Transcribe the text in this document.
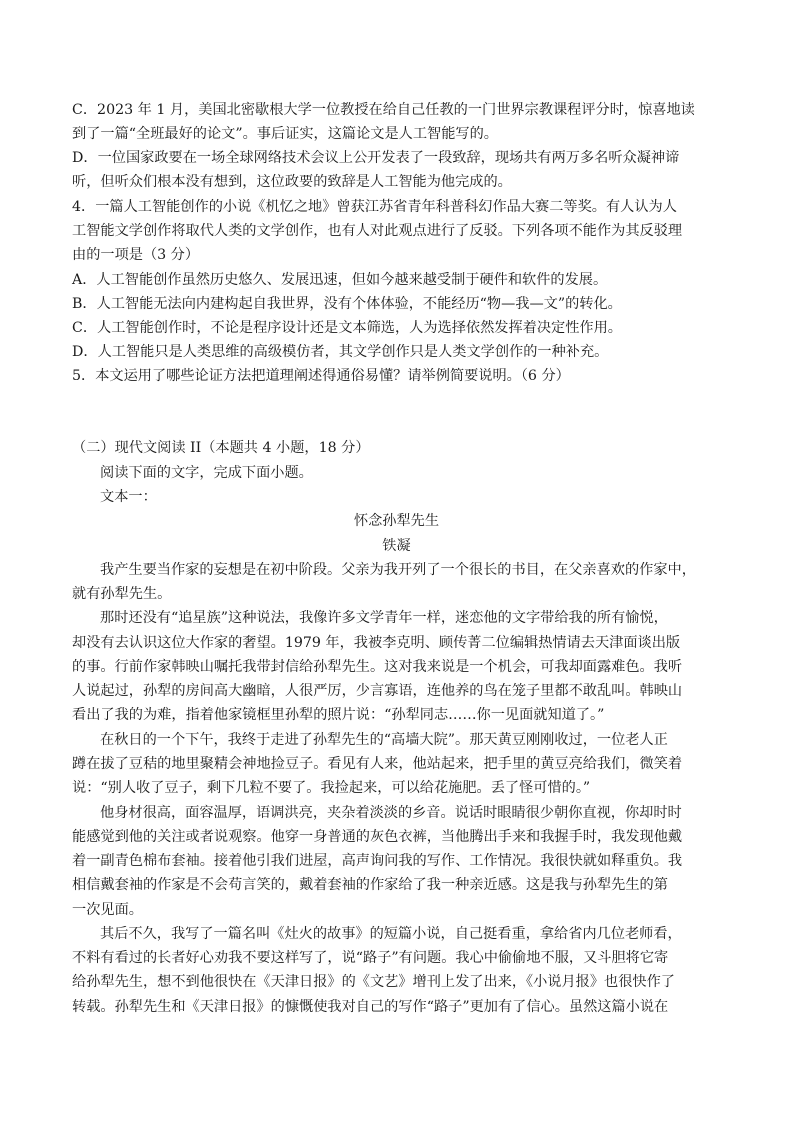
C．2023 年 1 月，美国北密歇根大学一位教授在给自己任教的一门世界宗教课程评分时，惊喜地读
到了一篇“全班最好的论文”。事后证实，这篇论文是人工智能写的。
D．一位国家政要在一场全球网络技术会议上公开发表了一段致辞，现场共有两万多名听众凝神谛
听，但听众们根本没有想到，这位政要的致辞是人工智能为他完成的。
4．一篇人工智能创作的小说《机忆之地》曾获江苏省青年科普科幻作品大赛二等奖。有人认为人
工智能文学创作将取代人类的文学创作，也有人对此观点进行了反驳。下列各项不能作为其反驳理
由的一项是（3 分）
A．人工智能创作虽然历史悠久、发展迅速，但如今越来越受制于硬件和软件的发展。
B．人工智能无法向内建构起自我世界，没有个体体验，不能经历“物—我—文”的转化。
C．人工智能创作时，不论是程序设计还是文本筛选，人为选择依然发挥着决定性作用。
D．人工智能只是人类思维的高级模仿者，其文学创作只是人类文学创作的一种补充。
5．本文运用了哪些论证方法把道理阐述得通俗易懂？请举例简要说明。（6 分）
（二）现代文阅读 II（本题共 4 小题，18 分）
阅读下面的文字，完成下面小题。
文本一：
怀念孙犁先生
铁凝
我产生要当作家的妄想是在初中阶段。父亲为我开列了一个很长的书目，在父亲喜欢的作家中，
就有孙犁先生。
那时还没有“追星族”这种说法，我像许多文学青年一样，迷恋他的文字带给我的所有愉悦，
却没有去认识这位大作家的奢望。1979 年，我被李克明、顾传菁二位编辑热情请去天津面谈出版
的事。行前作家韩映山嘱托我带封信给孙犁先生。这对我来说是一个机会，可我却面露难色。我听
人说起过，孙犁的房间高大幽暗，人很严厉，少言寡语，连他养的鸟在笼子里都不敢乱叫。韩映山
看出了我的为难，指着他家镜框里孙犁的照片说：“孙犁同志……你一见面就知道了。”
在秋日的一个下午，我终于走进了孙犁先生的“高墙大院”。那天黄豆刚刚收过，一位老人正
蹲在拔了豆秸的地里聚精会神地捡豆子。看见有人来，他站起来，把手里的黄豆亮给我们，微笑着
说：“别人收了豆子，剩下几粒不要了。我捡起来，可以给花施肥。丢了怪可惜的。”
他身材很高，面容温厚，语调洪亮，夹杂着淡淡的乡音。说话时眼睛很少朝你直视，你却时时
能感觉到他的关注或者说观察。他穿一身普通的灰色衣裤，当他腾出手来和我握手时，我发现他戴
着一副青色棉布套袖。接着他引我们进屋，高声询问我的写作、工作情况。我很快就如释重负。我
相信戴套袖的作家是不会苟言笑的，戴着套袖的作家给了我一种亲近感。这是我与孙犁先生的第
一次见面。
其后不久，我写了一篇名叫《灶火的故事》的短篇小说，自己挺看重，拿给省内几位老师看，
不料有看过的长者好心劝我不要这样写了，说“路子”有问题。我心中偷偷地不服，又斗胆将它寄
给孙犁先生，想不到他很快在《天津日报》的《文艺》增刊上发了出来，《小说月报》也很快作了
转载。孙犁先生和《天津日报》的慷慨使我对自己的写作“路子”更加有了信心。虽然这篇小说在
